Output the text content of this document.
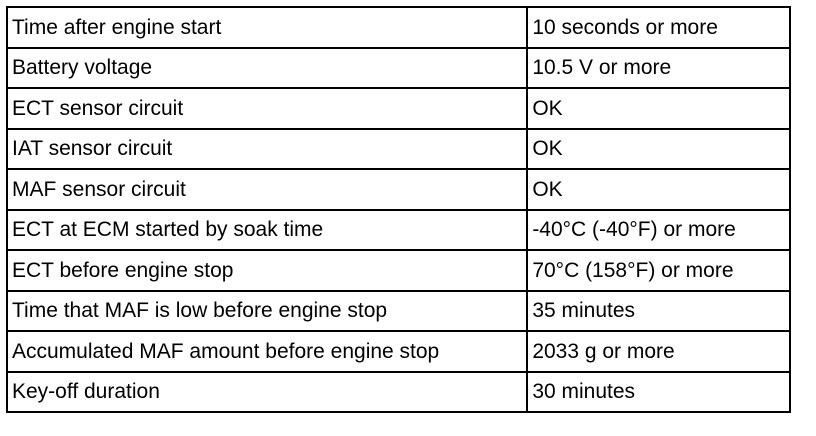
Time after engine start	10 seconds or more
Battery voltage	10.5 V or more
ECT sensor circuit	OK
IAT sensor circuit	OK
MAF sensor circuit	OK
ECT at ECM started by soak time	-40°C (-40°F) or more
ECT before engine stop	70°C (158°F) or more
Time that MAF is low before engine stop	35 minutes
Accumulated MAF amount before engine stop	2033 g or more
Key-off duration	30 minutes
